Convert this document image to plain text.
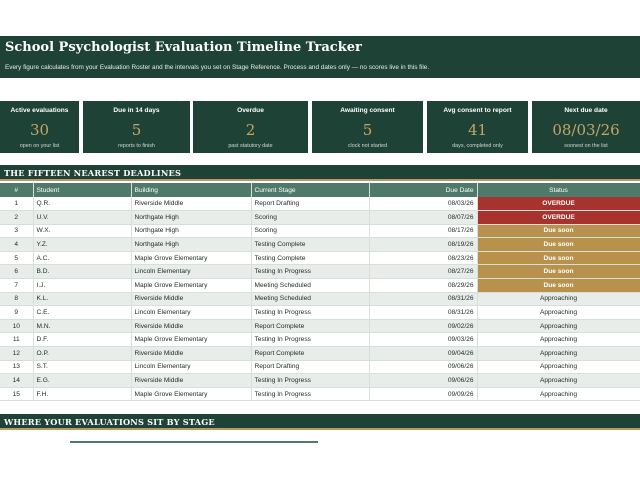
School Psychologist Evaluation Timeline Tracker
Every figure calculates from your Evaluation Roster and the intervals you set on Stage Reference. Process and dates only — no scores live in this file.
Active evaluations
30
open on your list
Due in 14 days
5
reports to finish
Overdue
2
past statutory date
Awaiting consent
5
clock not started
Avg consent to report
41
days, completed only
Next due date
08/03/26
soonest on the list
THE FIFTEEN NEAREST DEADLINES
#	Student	Building	Current Stage	Due Date	Status
1	Q.R.	Riverside Middle	Report Drafting	08/03/26	OVERDUE
2	U.V.	Northgate High	Scoring	08/07/26	OVERDUE
3	W.X.	Northgate High	Scoring	08/17/26	Due soon
4	Y.Z.	Northgate High	Testing Complete	08/19/26	Due soon
5	A.C.	Maple Grove Elementary	Testing Complete	08/23/26	Due soon
6	B.D.	Lincoln Elementary	Testing In Progress	08/27/26	Due soon
7	I.J.	Maple Grove Elementary	Meeting Scheduled	08/29/26	Due soon
8	K.L.	Riverside Middle	Meeting Scheduled	08/31/26	Approaching
9	C.E.	Lincoln Elementary	Testing In Progress	08/31/26	Approaching
10	M.N.	Riverside Middle	Report Complete	09/02/26	Approaching
11	D.F.	Maple Grove Elementary	Testing In Progress	09/03/26	Approaching
12	O.P.	Riverside Middle	Report Complete	09/04/26	Approaching
13	S.T.	Lincoln Elementary	Report Drafting	09/06/26	Approaching
14	E.G.	Riverside Middle	Testing In Progress	09/06/26	Approaching
15	F.H.	Maple Grove Elementary	Testing In Progress	09/09/26	Approaching
WHERE YOUR EVALUATIONS SIT BY STAGE
